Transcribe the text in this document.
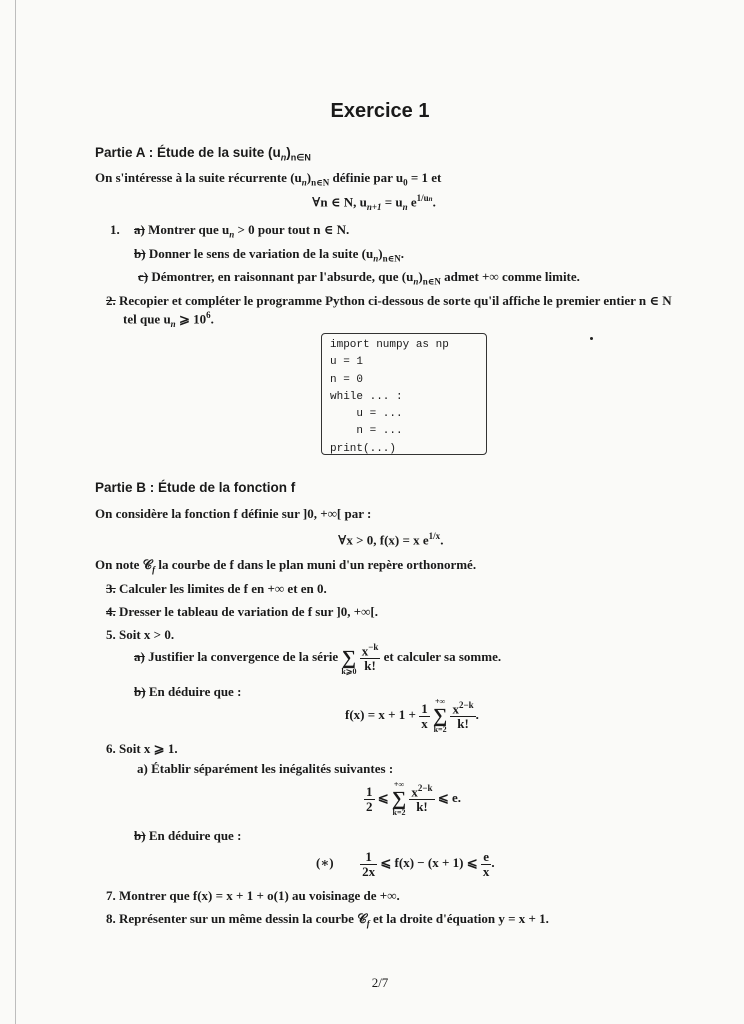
Exercice 1
Partie A : Étude de la suite $(u_n)_{n\in N}$
On s'intéresse à la suite récurrente $(u_n)_{n\in N}$ définie par $u_0 = 1$ et
∀n ∈ N, $u_{n+1} = u_n$ $e^{1/un}$.
1. a) Montrer que $u_n > 0$ pour tout n ∈ N.
b) Donner le sens de variation de la suite $(u_n)_{n\in N}$.
c) Démontrer, en raisonnant par l'absurde, que $(u_n)_{n\in N}$ admet +∞ comme limite.
2. Recopier et compléter le programme Python ci-dessous de sorte qu'il affiche le premier entier n ∈ N
tel que $u_n$ ⩾ $10^6$.
import numpy as np
u = 1
n = 0
while ... :
u = ...
n = ...
print(...)
Partie B : Étude de la fonction f
On considère la fonction f définie sur ]0, +∞[ par :
∀x > 0, f(x) = x $e^{1/x}$.
On note 𝒞$_f$ la courbe de f dans le plan muni d'un repère orthonormé.
3. Calculer les limites de f en +∞ et en 0.
4. Dresser le tableau de variation de f sur ]0, +∞[.
5. Soit x > 0.
a) Justifier la convergence de la série
∑
k⩾0
$\frac{x^{-k}}{k!}$ et calculer sa somme.
b) En déduire que :
$f(x) = x + 1 + \frac{1}{x}$

+∞
∑
k=2
$\frac{x^{2-k}}{k!}$ .
6. Soit x ⩾ 1.
a) Établir séparément les inégalités suivantes :
$\frac{1}{2}$ ⩽
+∞
∑
k=2
$\frac{x^{2-k}}{k!}$ ⩽ e.
b) En déduire que :
(∗) $\frac{1}{2x}$ ⩽ f(x) − (x + 1) ⩽ $\frac{e}{x}$ .
7. Montrer que f(x) = x + 1 + o(1) au voisinage de +∞.
8. Représenter sur un même dessin la courbe 𝒞$_f$ et la droite d'équation y = x + 1.
2/7
